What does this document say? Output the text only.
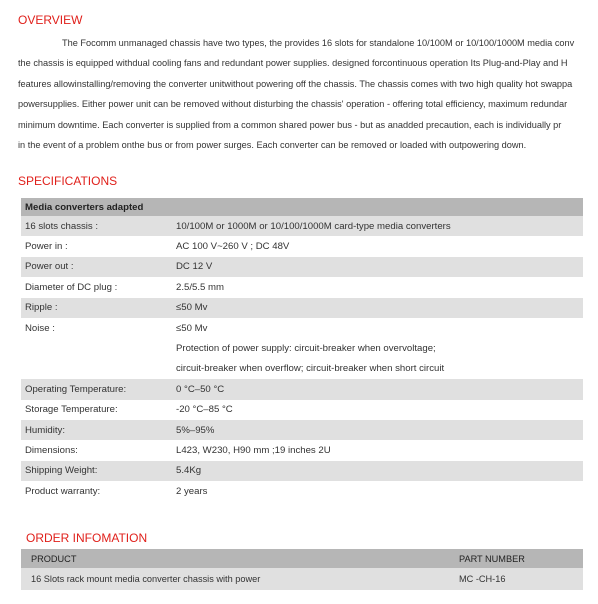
OVERVIEW
The Focomm unmanaged chassis have two types, the provides 16 slots for standalone 10/100M or 10/100/1000M media conv
the chassis is equipped withdual cooling fans and redundant power supplies. designed forcontinuous operation Its Plug-and-Play and H
features allowinstalling/removing the converter unitwithout powering off the chassis. The chassis comes with two high quality hot swappa
powersupplies. Either power unit can be removed without disturbing the chassis' operation - offering total efficiency, maximum redundar
minimum downtime. Each converter is supplied from a common shared power bus - but as anadded precaution, each is individually pr
in the event of a problem onthe bus or from power surges. Each converter can be removed or loaded with outpowering down.
SPECIFICATIONS
Media converters adapted	
16 slots chassis :	10/100M or 1000M or 10/100/1000M card-type media converters
Power in :	AC 100 V~260 V ; DC 48V
Power out :	DC 12 V
Diameter of DC plug :	2.5/5.5 mm
Ripple :	≤50 Mv
Noise :	≤50 Mv
	Protection of power supply: circuit-breaker when overvoltage;
	circuit-breaker when overflow; circuit-breaker when short circuit
Operating Temperature:	0 °C–50 °C
Storage Temperature:	-20 °C–85 °C
Humidity:	5%–95%
Dimensions:	L423, W230, H90 mm ;19 inches 2U
Shipping Weight:	5.4Kg
Product warranty:	2 years
ORDER INFOMATION
PRODUCT	PART NUMBER
16 Slots rack mount media converter chassis with power	MC -CH-16
